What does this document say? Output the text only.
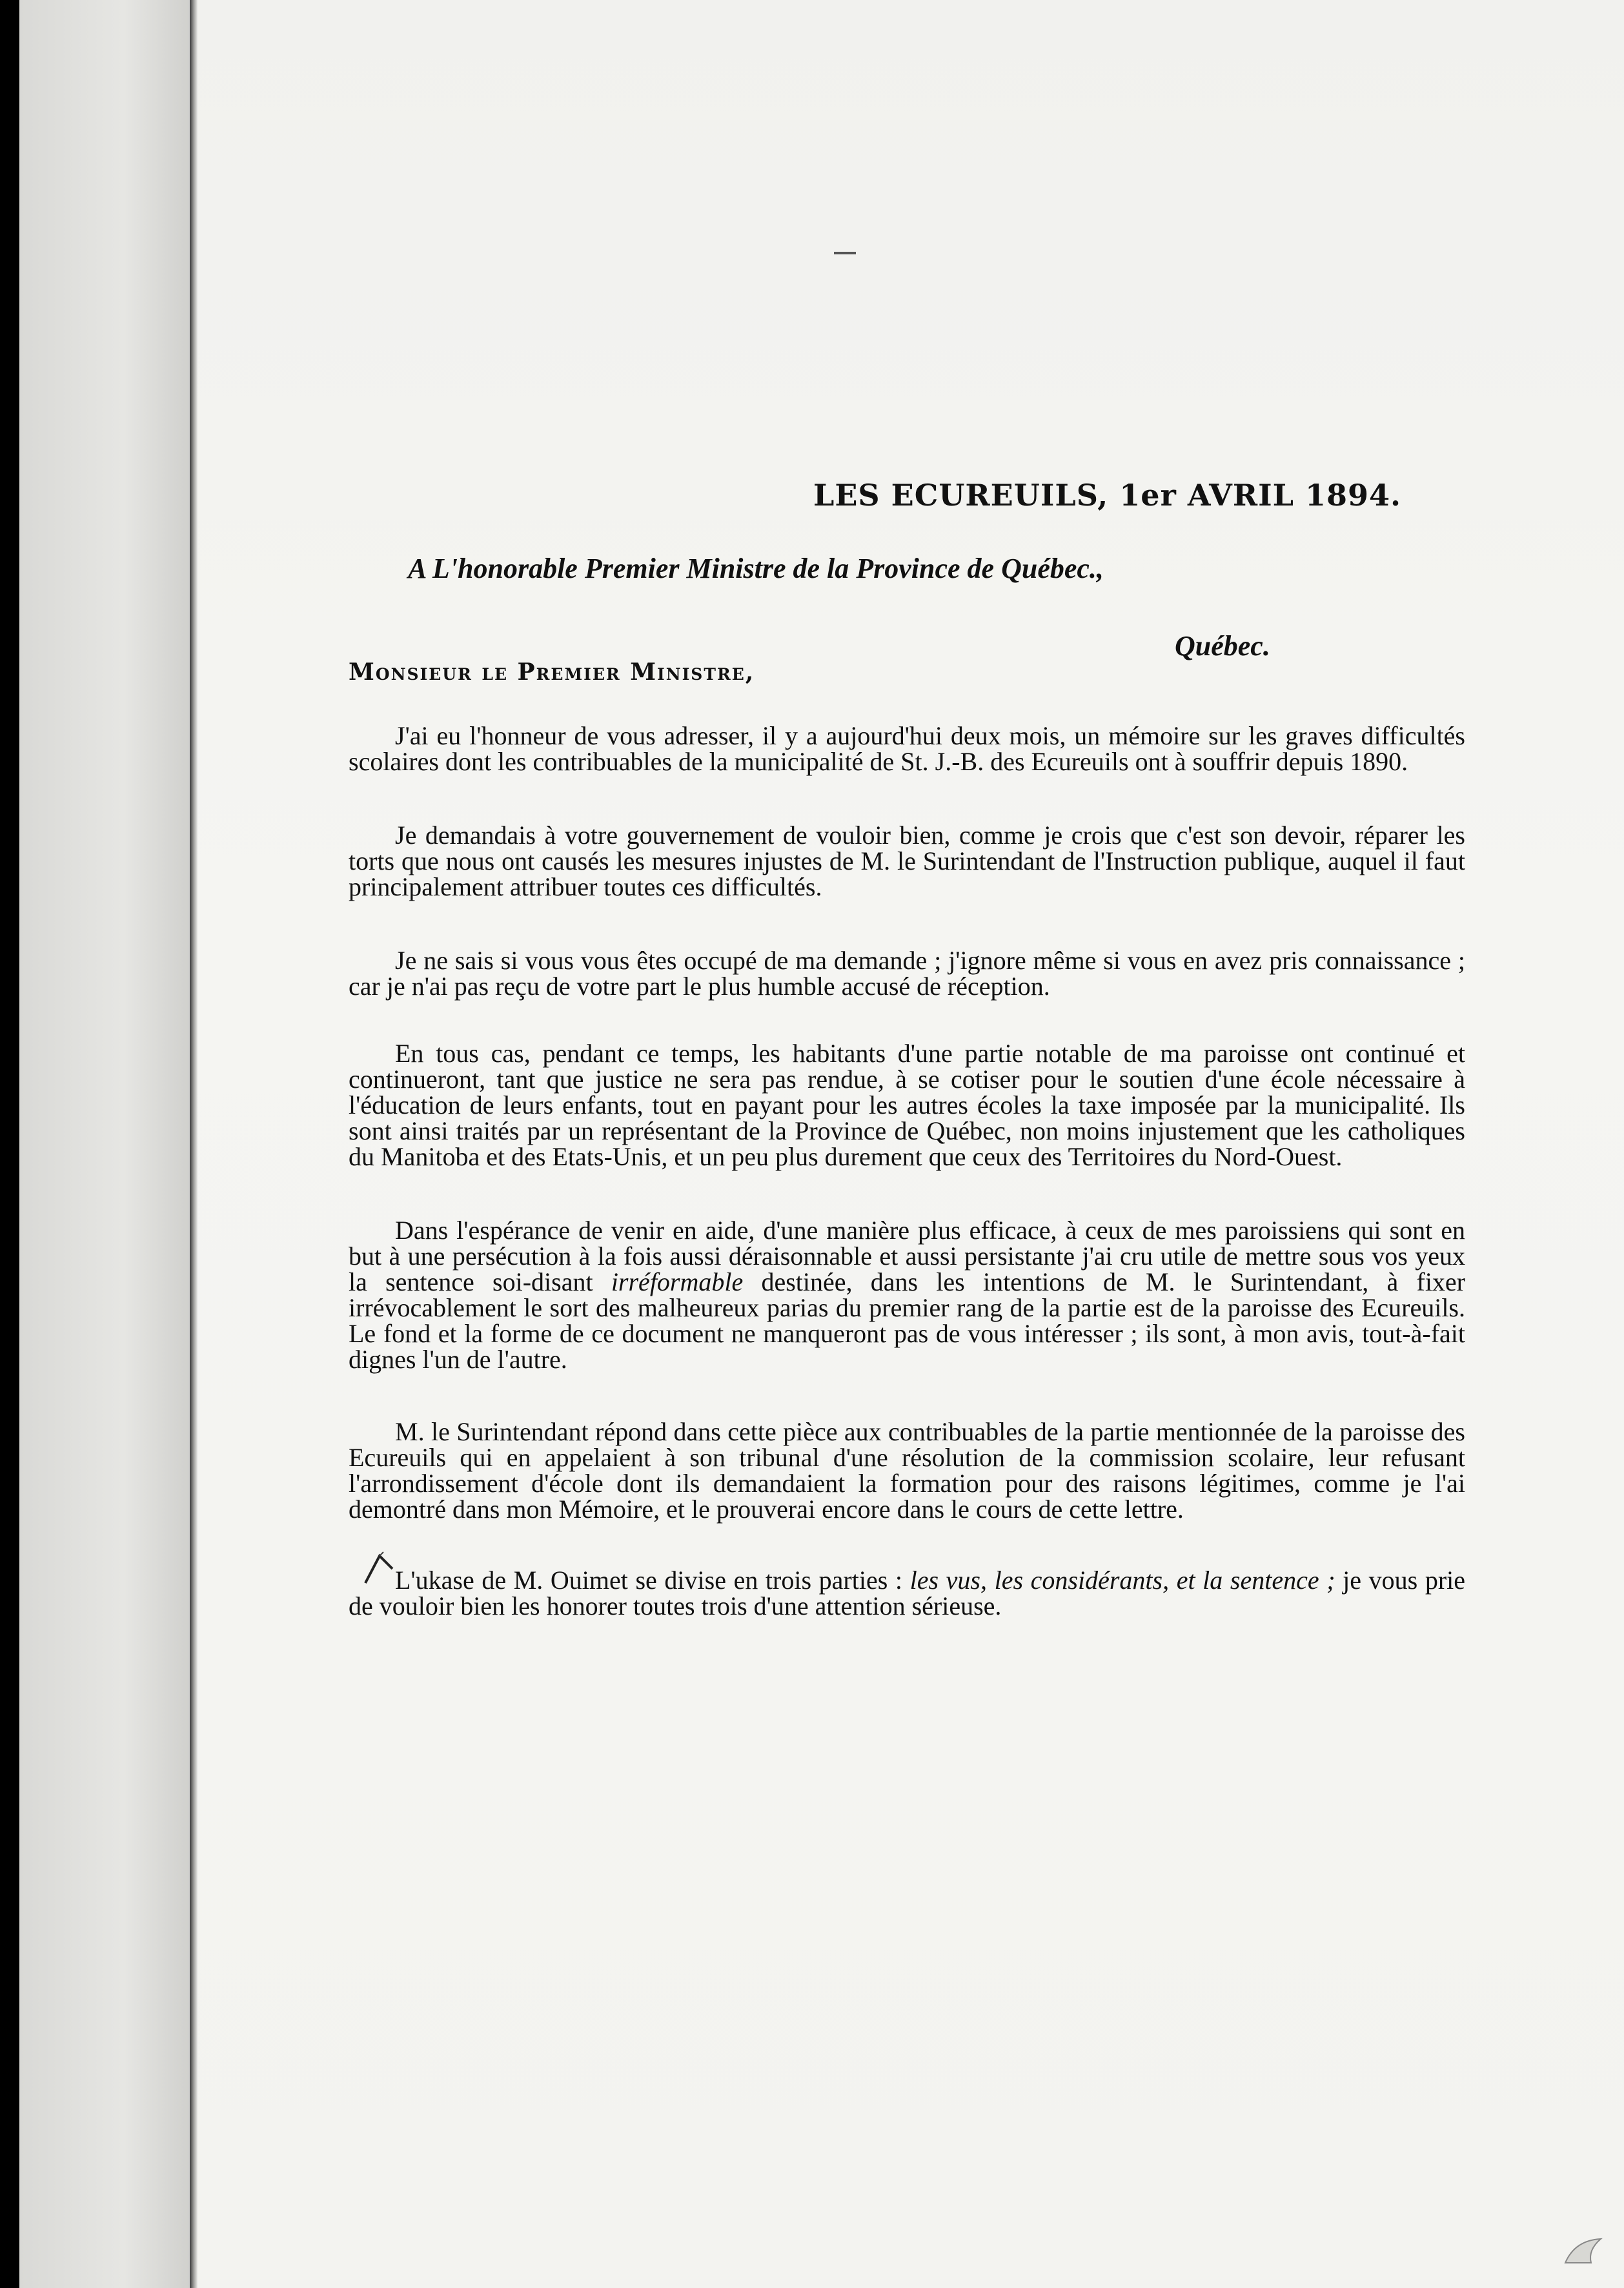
LES ECUREUILS, 1er AVRIL 1894.
A L'honorable Premier Ministre de la Province de Québec.,
Québec.
Monsieur le Premier Ministre,

J'ai eu l'honneur de vous adresser, il y a aujourd'hui deux mois, un mémoire sur les graves difficultés scolaires dont les contribuables de la municipalité de St. J.-B. des Ecureuils ont à souffrir depuis 1890.

Je demandais à votre gouvernement de vouloir bien, comme je crois que c'est son devoir, réparer les torts que nous ont causés les mesures injustes de M. le Surintendant de l'Instruction publique, auquel il faut principalement attribuer toutes ces difficultés.

Je ne sais si vous vous êtes occupé de ma demande ; j'ignore même si vous en avez pris connaissance ; car je n'ai pas reçu de votre part le plus humble accusé de réception.

En tous cas, pendant ce temps, les habitants d'une partie notable de ma paroisse ont continué et continueront, tant que justice ne sera pas rendue, à se cotiser pour le soutien d'une école nécessaire à l'éducation de leurs enfants, tout en payant pour les autres écoles la taxe imposée par la municipalité. Ils sont ainsi traités par un représentant de la Province de Québec, non moins injustement que les catholiques du Manitoba et des Etats-Unis, et un peu plus durement que ceux des Territoires du Nord-Ouest.

Dans l'espérance de venir en aide, d'une manière plus efficace, à ceux de mes paroissiens qui sont en but à une persécution à la fois aussi déraisonnable et aussi persistante j'ai cru utile de mettre sous vos yeux la sentence soi-disant irréformable destinée, dans les intentions de M. le Surintendant, à fixer irrévocablement le sort des malheureux parias du premier rang de la partie est de la paroisse des Ecureuils. Le fond et la forme de ce document ne manqueront pas de vous intéresser ; ils sont, à mon avis, tout-à-fait dignes l'un de l'autre.

M. le Surintendant répond dans cette pièce aux contribuables de la partie mentionnée de la paroisse des Ecureuils qui en appelaient à son tribunal d'une résolution de la commission scolaire, leur refusant l'arrondissement d'école dont ils demandaient la formation pour des raisons légitimes, comme je l'ai demontré dans mon Mémoire, et le prouverai encore dans le cours de cette lettre.

L'ukase de M. Ouimet se divise en trois parties : les vus, les considérants, et la sentence ; je vous prie de vouloir bien les honorer toutes trois d'une attention sérieuse.
